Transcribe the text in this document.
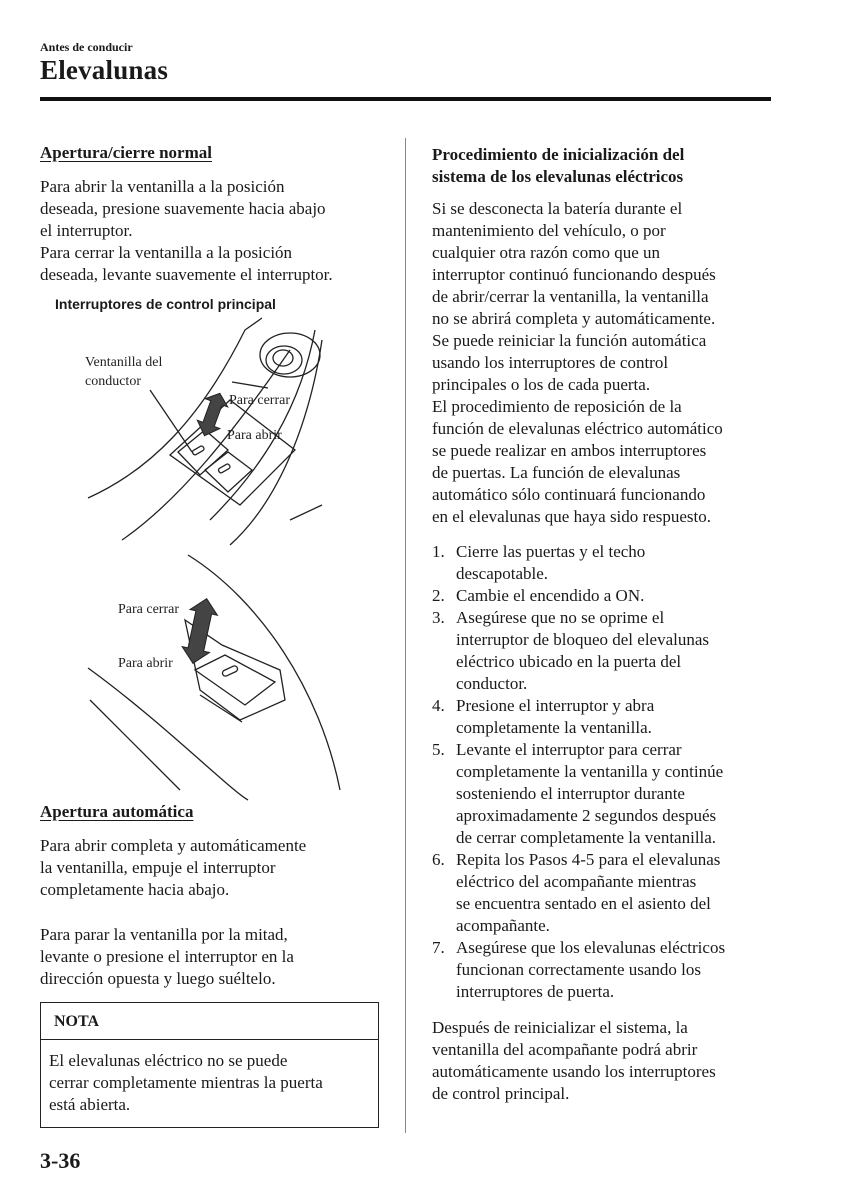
Antes de conducir
Elevalunas
Apertura/cierre normal
Para abrir la ventanilla a la posición
deseada, presione suavemente hacia abajo
el interruptor.
Para cerrar la ventanilla a la posición
deseada, levante suavemente el interruptor.
Interruptores de control principal
Ventanilla del
conductor
Para cerrar
Para abrir
Para cerrar
Para abrir
Apertura automática
Para abrir completa y automáticamente
la ventanilla, empuje el interruptor
completamente hacia abajo.
Para parar la ventanilla por la mitad,
levante o presione el interruptor en la
dirección opuesta y luego suéltelo.
NOTA
El elevalunas eléctrico no se puede
cerrar completamente mientras la puerta
está abierta.
Procedimiento de inicialización del
sistema de los elevalunas eléctricos
Si se desconecta la batería durante el
mantenimiento del vehículo, o por
cualquier otra razón como que un
interruptor continuó funcionando después
de abrir/cerrar la ventanilla, la ventanilla
no se abrirá completa y automáticamente.
Se puede reiniciar la función automática
usando los interruptores de control
principales o los de cada puerta.
El procedimiento de reposición de la
función de elevalunas eléctrico automático
se puede realizar en ambos interruptores
de puertas. La función de elevalunas
automático sólo continuará funcionando
en el elevalunas que haya sido respuesto.
1. Cierre las puertas y el techo
descapotable.
2. Cambie el encendido a ON.
3. Asegúrese que no se oprime el
interruptor de bloqueo del elevalunas
eléctrico ubicado en la puerta del
conductor.
4. Presione el interruptor y abra
completamente la ventanilla.
5. Levante el interruptor para cerrar
completamente la ventanilla y continúe
sosteniendo el interruptor durante
aproximadamente 2 segundos después
de cerrar completamente la ventanilla.
6. Repita los Pasos 4-5 para el elevalunas
eléctrico del acompañante mientras
se encuentra sentado en el asiento del
acompañante.
7. Asegúrese que los elevalunas eléctricos
funcionan correctamente usando los
interruptores de puerta.
Después de reinicializar el sistema, la
ventanilla del acompañante podrá abrir
automáticamente usando los interruptores
de control principal.
3-36
